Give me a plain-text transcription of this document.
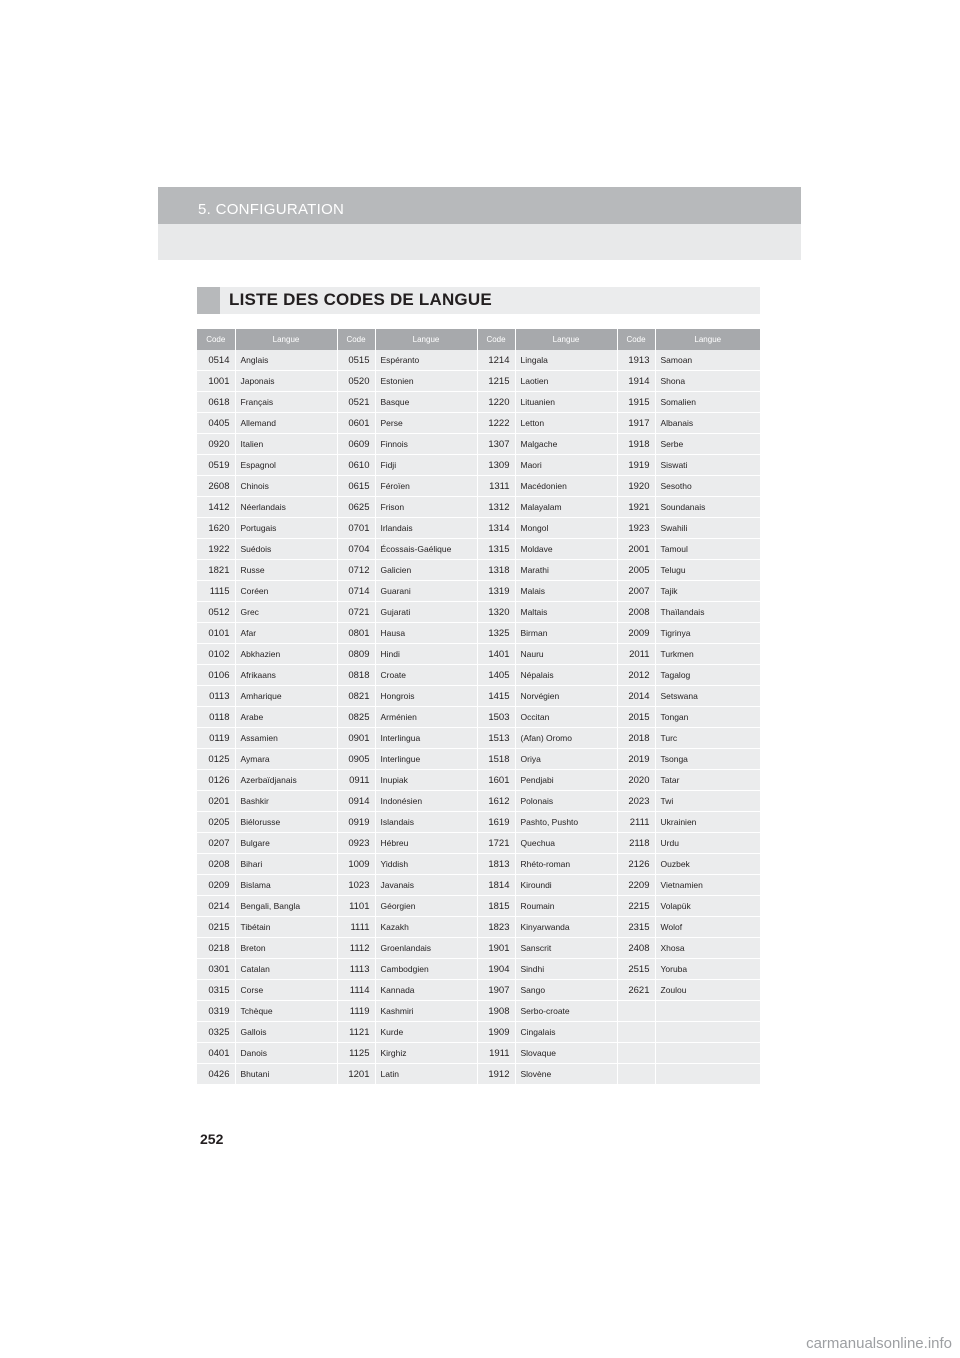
5. CONFIGURATION
LISTE DES CODES DE LANGUE
Code	Langue	Code	Langue	Code	Langue	Code	Langue
0514	Anglais	0515	Espéranto	1214	Lingala	1913	Samoan
1001	Japonais	0520	Estonien	1215	Laotien	1914	Shona
0618	Français	0521	Basque	1220	Lituanien	1915	Somalien
0405	Allemand	0601	Perse	1222	Letton	1917	Albanais
0920	Italien	0609	Finnois	1307	Malgache	1918	Serbe
0519	Espagnol	0610	Fidji	1309	Maori	1919	Siswati
2608	Chinois	0615	Féroïen	1311	Macédonien	1920	Sesotho
1412	Néerlandais	0625	Frison	1312	Malayalam	1921	Soundanais
1620	Portugais	0701	Irlandais	1314	Mongol	1923	Swahili
1922	Suédois	0704	Écossais-Gaélique	1315	Moldave	2001	Tamoul
1821	Russe	0712	Galicien	1318	Marathi	2005	Telugu
1115	Coréen	0714	Guarani	1319	Malais	2007	Tajik
0512	Grec	0721	Gujarati	1320	Maltais	2008	Thaïlandais
0101	Afar	0801	Hausa	1325	Birman	2009	Tigrinya
0102	Abkhazien	0809	Hindi	1401	Nauru	2011	Turkmen
0106	Afrikaans	0818	Croate	1405	Népalais	2012	Tagalog
0113	Amharique	0821	Hongrois	1415	Norvégien	2014	Setswana
0118	Arabe	0825	Arménien	1503	Occitan	2015	Tongan
0119	Assamien	0901	Interlingua	1513	(Afan) Oromo	2018	Turc
0125	Aymara	0905	Interlingue	1518	Oriya	2019	Tsonga
0126	Azerbaïdjanais	0911	Inupiak	1601	Pendjabi	2020	Tatar
0201	Bashkir	0914	Indonésien	1612	Polonais	2023	Twi
0205	Biélorusse	0919	Islandais	1619	Pashto, Pushto	2111	Ukrainien
0207	Bulgare	0923	Hébreu	1721	Quechua	2118	Urdu
0208	Bihari	1009	Yiddish	1813	Rhéto-roman	2126	Ouzbek
0209	Bislama	1023	Javanais	1814	Kiroundi	2209	Vietnamien
0214	Bengali, Bangla	1101	Géorgien	1815	Roumain	2215	Volapük
0215	Tibétain	1111	Kazakh	1823	Kinyarwanda	2315	Wolof
0218	Breton	1112	Groenlandais	1901	Sanscrit	2408	Xhosa
0301	Catalan	1113	Cambodgien	1904	Sindhi	2515	Yoruba
0315	Corse	1114	Kannada	1907	Sango	2621	Zoulou
0319	Tchèque	1119	Kashmiri	1908	Serbo-croate		
0325	Gallois	1121	Kurde	1909	Cingalais		
0401	Danois	1125	Kirghiz	1911	Slovaque		
0426	Bhutani	1201	Latin	1912	Slovène		
252
carmanualsonline.info
